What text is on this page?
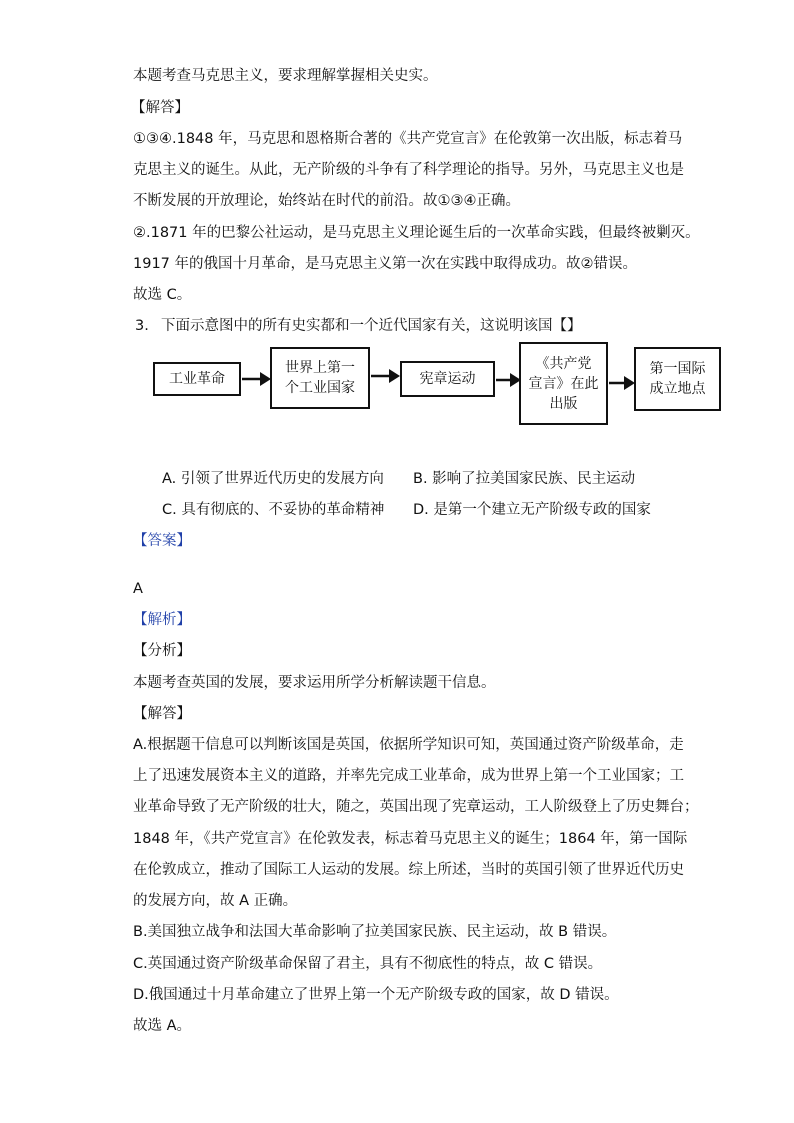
本题考查马克思主义，要求理解掌握相关史实。
【解答】
①③④.1848 年，马克思和恩格斯合著的《共产党宣言》在伦敦第一次出版，标志着马
克思主义的诞生。从此，无产阶级的斗争有了科学理论的指导。另外，马克思主义也是
不断发展的开放理论，始终站在时代的前沿。故①③④正确。
②.1871 年的巴黎公社运动，是马克思主义理论诞生后的一次革命实践，但最终被剿灭。
1917 年的俄国十月革命，是马克思主义第一次在实践中取得成功。故②错误。
故选 C。
3. 下面示意图中的所有史实都和一个近代国家有关，这说明该国【】
工业革命
世界上第一
个工业国家
宪章运动
《共产党
宣言》在此
出版
第一国际
成立地点
A. 引领了世界近代历史的发展方向 B. 影响了拉美国家民族、民主运动
C. 具有彻底的、不妥协的革命精神 D. 是第一个建立无产阶级专政的国家
【答案】
A
【解析】
【分析】
本题考查英国的发展，要求运用所学分析解读题干信息。
【解答】
A.根据题干信息可以判断该国是英国，依据所学知识可知，英国通过资产阶级革命，走
上了迅速发展资本主义的道路，并率先完成工业革命，成为世界上第一个工业国家；工
业革命导致了无产阶级的壮大，随之，英国出现了宪章运动，工人阶级登上了历史舞台；
1848 年，《共产党宣言》在伦敦发表，标志着马克思主义的诞生；1864 年，第一国际
在伦敦成立，推动了国际工人运动的发展。综上所述，当时的英国引领了世界近代历史
的发展方向，故 A 正确。
B.美国独立战争和法国大革命影响了拉美国家民族、民主运动，故 B 错误。
C.英国通过资产阶级革命保留了君主，具有不彻底性的特点，故 C 错误。
D.俄国通过十月革命建立了世界上第一个无产阶级专政的国家，故 D 错误。
故选 A。
